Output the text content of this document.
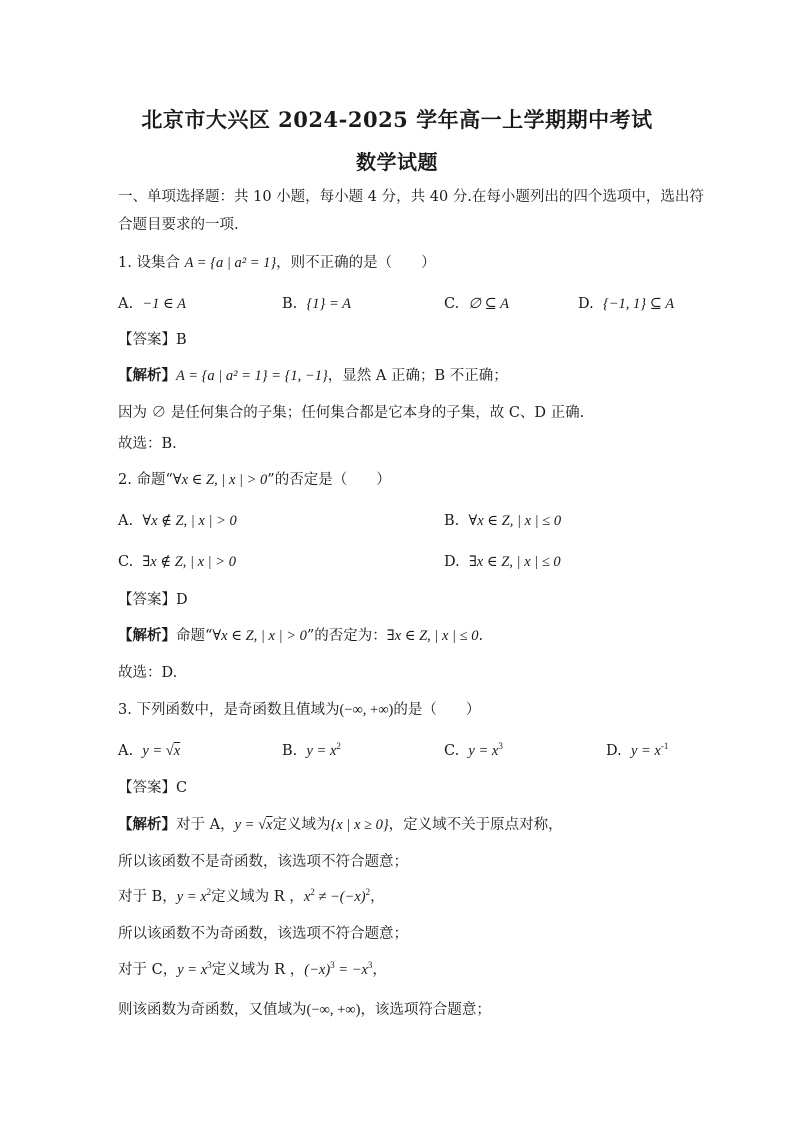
北京市大兴区 2024-2025 学年高一上学期期中考试
数学试题
一、单项选择题：共 10 小题，每小题 4 分，共 40 分.在每小题列出的四个选项中，选出符
合题目要求的一项.
1. 设集合 A = {a | a² = 1}，则不正确的是（　　）
A. −1 ∈ A	B. {1} = A	C. ∅ ⊆ A	D. {−1, 1} ⊆ A
【答案】B
【解析】A = {a | a² = 1} = {1, −1}，显然 A 正确；B 不正确；
因为 ∅ 是任何集合的子集；任何集合都是它本身的子集，故 C、D 正确.
故选：B.
2. 命题“∀x ∈ Z, | x | > 0”的否定是（　　）
A. ∀x ∉ Z, | x | > 0	B. ∀x ∈ Z, | x | ≤ 0
C. ∃x ∉ Z, | x | > 0	D. ∃x ∈ Z, | x | ≤ 0
【答案】D
【解析】命题“∀x ∈ Z, | x | > 0”的否定为：∃x ∈ Z, | x | ≤ 0.
故选：D.
3. 下列函数中，是奇函数且值域为(−∞, +∞)的是（　　）
A. y = √x	B. $y = x^2$	C. $y = x^3$	D. $y = x^{-1}$
【答案】C
【解析】对于 A，y = √x定义域为{x | x ≥ 0}，定义域不关于原点对称，
所以该函数不是奇函数，该选项不符合题意；
对于 B，$y = x^2$定义域为 R ，$x^2 \ne -(-x)^2$，
所以该函数不为奇函数，该选项不符合题意；
对于 C，$y = x^3$定义域为 R ，$(-x)^3 = -x^3$，
则该函数为奇函数，又值域为(−∞, +∞)，该选项符合题意；
